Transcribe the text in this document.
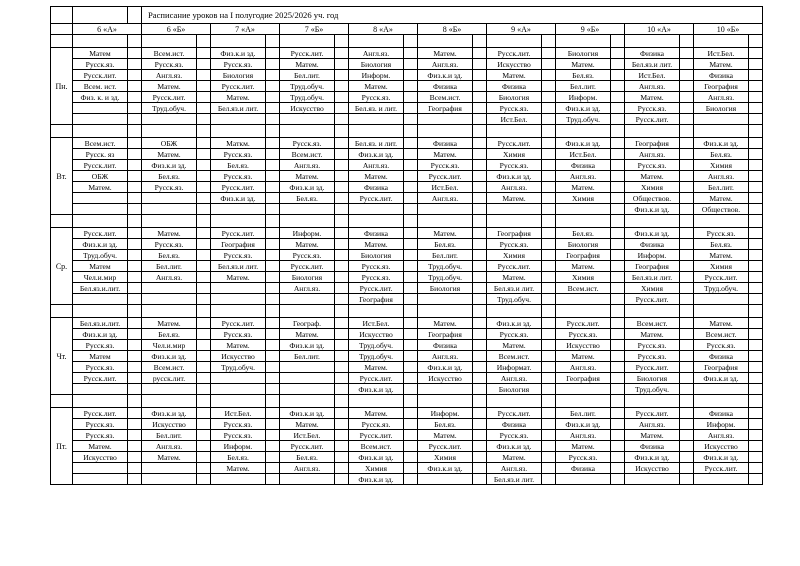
			Расписание уроков на I полугодие 2025/2026 уч. год																	
	6 «А»		6 «Б»		7 «А»		7 «Б»		8 «А»		8 «Б»		9 «А»		9 «Б»		10 «А»		10 «Б»	

Пн.	Матем		Всем.ист.		Физ.к.и зд.		Русск.лит.		Англ.яз.		Матем.		Русск.лит.		Биология		Физика		Ист.Бел.	
	Русск.яз.		Русск.яз.		Русск.яз.		Матем.		Биология		Англ.яз.		Искусство		Матем.		Бел.яз.и лит.		Матем.	
	Русск.лит.		Англ.яз.		Биология		Бел.лит.		Информ.		Физ.к.и зд.		Матем.		Бел.яз.		Ист.Бел.		Физика	
	Всем. ист.		Матем.		Русск.лит.		Труд.обуч.		Матем.		Физика		Физика		Бел.лит.		Англ.яз.		География	
	Физ. к. и зд.		Русск.лит.		Матем.		Труд.обуч.		Русск.яз.		Всем.ист.		Биология		Информ.		Матем.		Англ.яз.	
			Труд.обуч.		Бел.яз.и лит.		Искусство		Бел.яз. и лит.		География		Русск.яз.		Физ.к.и зд.		Русск.яз.		Биология	
													Ист.Бел.		Труд.обуч.		Русск.лит.			

Вт.	Всем.ист.		ОБЖ		Маткм.		Русск.яз.		Бел.яз. и лит.		Физика		Русск.лит.		Физ.к.и зд.		География		Физ.к.и зд.	
	Русск. яз		Матем.		Русск.яз.		Всем.ист.		Физ.к.и зд.		Матем.		Химия		Ист.Бел.		Англ.яз.		Бел.яз.	
	Русск.лит.		Физ.к.и зд.		Бел.яз.		Англ.яз.		Англ.яз.		Русск.яз.		Русск.яз.		Физика		Русск.яз.		Химия	
	ОБЖ		Бел.яз.		Русск.яз.		Матем.		Матем.		Русск.лит.		Физ.к.и зд.		Англ.яз.		Матем.		Англ.яз.	
	Матем.		Русск.яз.		Русск.лит.		Физ.к.и зд.		Физика		Ист.Бел.		Англ.яз.		Матем.		Химия		Бел.лит.	
					Физ.к.и зд.		Бел.яз.		Русск.лит.		Англ.яз.		Матем.		Химия		Обществов.		Матем.	
																	Физ.к.и зд.		Обществов.	

Ср.	Русск.лит.		Матем.		Русск.лит.		Информ.		Физика		Матем.		География		Бел.яз.		Физ.к.и зд.		Русск.яз.	
	Физ.к.и зд.		Русск.яз.		География		Матем.		Матем.		Бел.яз.		Русск.яз.		Биология		Физика		Бел.яз.	
	Труд.обуч.		Бел.яз.		Русск.яз.		Русск.яз.		Биология		Бел.лит.		Химия		География		Информ.		Матем.	
	Матем		Бел.лит.		Бел.яз.и лит.		Русск.лит.		Русск.яз.		Труд.обуч.		Русск.лит.		Матем.		География		Химия	
	Чел.и.мир		Англ.яз.		Матем.		Биология		Русск.яз.		Труд.обуч.		Матем.		Химия		Бел.яз.и лит.		Русск.лит.	
	Бел.яз.и.лит.						Англ.яз.		Русск.лит.		Биология		Бел.яз.и лит.		Всем.ист.		Химия		Труд.обуч.	
									География				Труд.обуч.				Русск.лит.			

Чт.	Бел.яз.и.лит.		Матем.		Русск.лит.		Географ.		Ист.Бел.		Матем.		Физ.к.и зд.		Русск.лит.		Всем.ист.		Матем.	
	Физ.к.и зд.		Бел.яз.		Русск.яз.		Матем.		Искусство		География		Русск.яз.		Русск.яз.		Матем.		Всем.ист.	
	Русск.яз.		Чел.и.мир		Матем.		Физ.к.и зд.		Труд.обуч.		Физика		Матем.		Искусство		Русск.яз.		Русск.яз.	
	Матем		Физ.к.и зд.		Искусство		Бел.лит.		Труд.обуч.		Англ.яз.		Всем.ист.		Матем.		Русск.яз.		Физика	
	Русск.яз.		Всем.ист.		Труд.обуч.				Матем.		Физ.к.и зд.		Информат.		Англ.яз.		Русск.лит.		География	
	Русск.лит.		русск.лит.						Русск.лит.		Искусство		Англ.яз.		География		Биология		Физ.к.и зд.	
									Физ.к.и зд.				Биология				Труд.обуч.			

Пт.	Русск.лит.		Физ.к.и зд.		Ист.Бел.		Физ.к.и зд.		Матем.		Информ.		Русск.лит.		Бел.лит.		Русск.лит.		Физика	
	Русск.яз.		Искусство		Русск.яз.		Матем.		Русск.яз.		Бел.яз.		Физика		Физ.к.и зд.		Англ.яз.		Информ.	
	Русск.яз.		Бел.лит.		Русск.яз.		Ист.Бел.		Русск.лит.		Матем.		Русск.яз.		Англ.яз.		Матем.		Англ.яз.	
	Матем.		Англ.яз.		Информ.		Русск.лит.		Всем.ист.		Русск.лит.		Физ.к.и зд.		Матем.		Физика		Искусство	
	Искусство		Матем.		Бел.яз.		Бел.яз.		Физ.к.и зд.		Химия		Матем.		Русск.яз.		Физ.к.и зд.		Физ.к.и зд.	
					Матем.		Англ.яз.		Химия		Физ.к.и зд.		Англ.яз.		Физика		Искусство		Русск.лит.	
									Физ.к.и зд.				Бел.яз.и лит.							
